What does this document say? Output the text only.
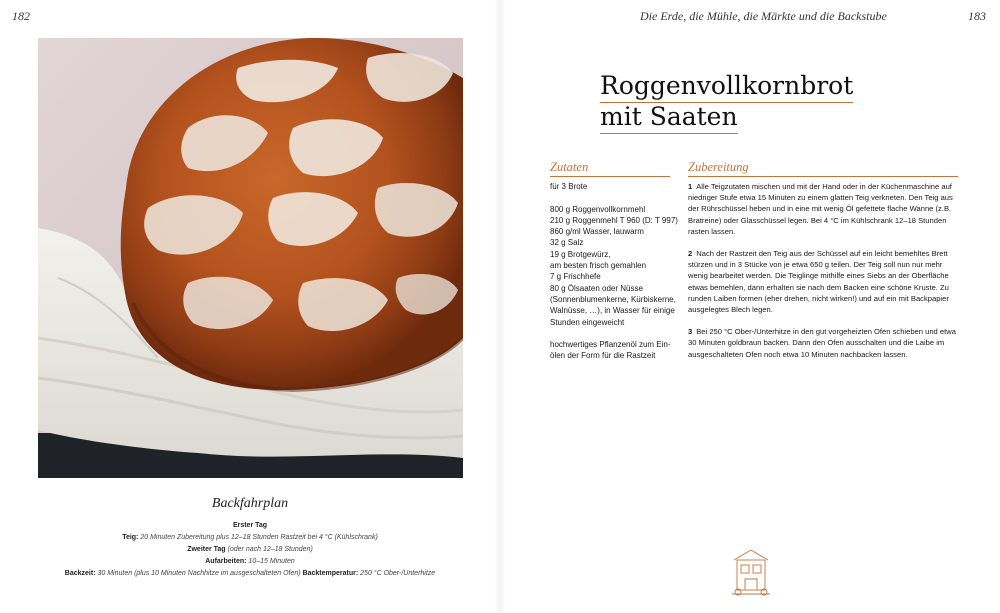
182
Backfahrplan
Erster Tag
Teig: 20 Minuten Zubereitung plus 12–18 Stunden Rastzeit bei 4 °C (Kühlschrank)
Zweiter Tag (oder nach 12–18 Stunden)
Aufarbeiten: 10–15 Minuten
Backzeit: 30 Minuten (plus 10 Minuten Nachhitze im ausgeschalteten Ofen) Backtemperatur: 250 °C Ober-/Unterhitze
Die Erde, die Mühle, die Märkte und die Backstube	183
Roggenvollkornbrot
mit Saaten
Zutaten	Zubereitung
für 3 Brote
800 g Roggenvollkornmehl
210 g Roggenmehl T 960 (D: T 997)
860 g/ml Wasser, lauwarm
32 g Salz
19 g Brotgewürz,
am besten frisch gemahlen
7 g Frischhefe
80 g Ölsaaten oder Nüsse
(Sonnenblumenkerne, Kürbiskerne,
Walnüsse, …), in Wasser für einige
Stunden eingeweicht
hochwertiges Pflanzenöl zum Ein-
ölen der Form für die Rastzeit
1 Alle Teigzutaten mischen und mit der Hand oder in der Küchenmaschine auf niedriger Stufe etwa 15 Minuten zu einem glatten Teig verkneten. Den Teig aus der Rührschüssel heben und in eine mit wenig Öl gefettete flache Wanne (z.B. Bratreine) oder Glasschüssel legen. Bei 4 °C im Kühlschrank 12–18 Stunden rasten lassen.
2 Nach der Rastzeit den Teig aus der Schüssel auf ein leicht bemehltes Brett stürzen und in 3 Stücke von je etwa 650 g teilen. Der Teig soll nun nur mehr wenig bearbeitet werden. Die Teiglinge mithilfe eines Siebs an der Oberfläche etwas bemehlen, dann erhalten sie nach dem Backen eine schöne Kruste. Zu runden Laiben formen (eher drehen, nicht wirken!) und auf ein mit Backpapier ausgelegtes Blech legen.
3 Bei 250 °C Ober-/Unterhitze in den gut vorgeheizten Ofen schieben und etwa 30 Minuten goldbraun backen. Dann den Ofen ausschalten und die Laibe im ausgeschalteten Ofen noch etwa 10 Minuten nachbacken lassen.
